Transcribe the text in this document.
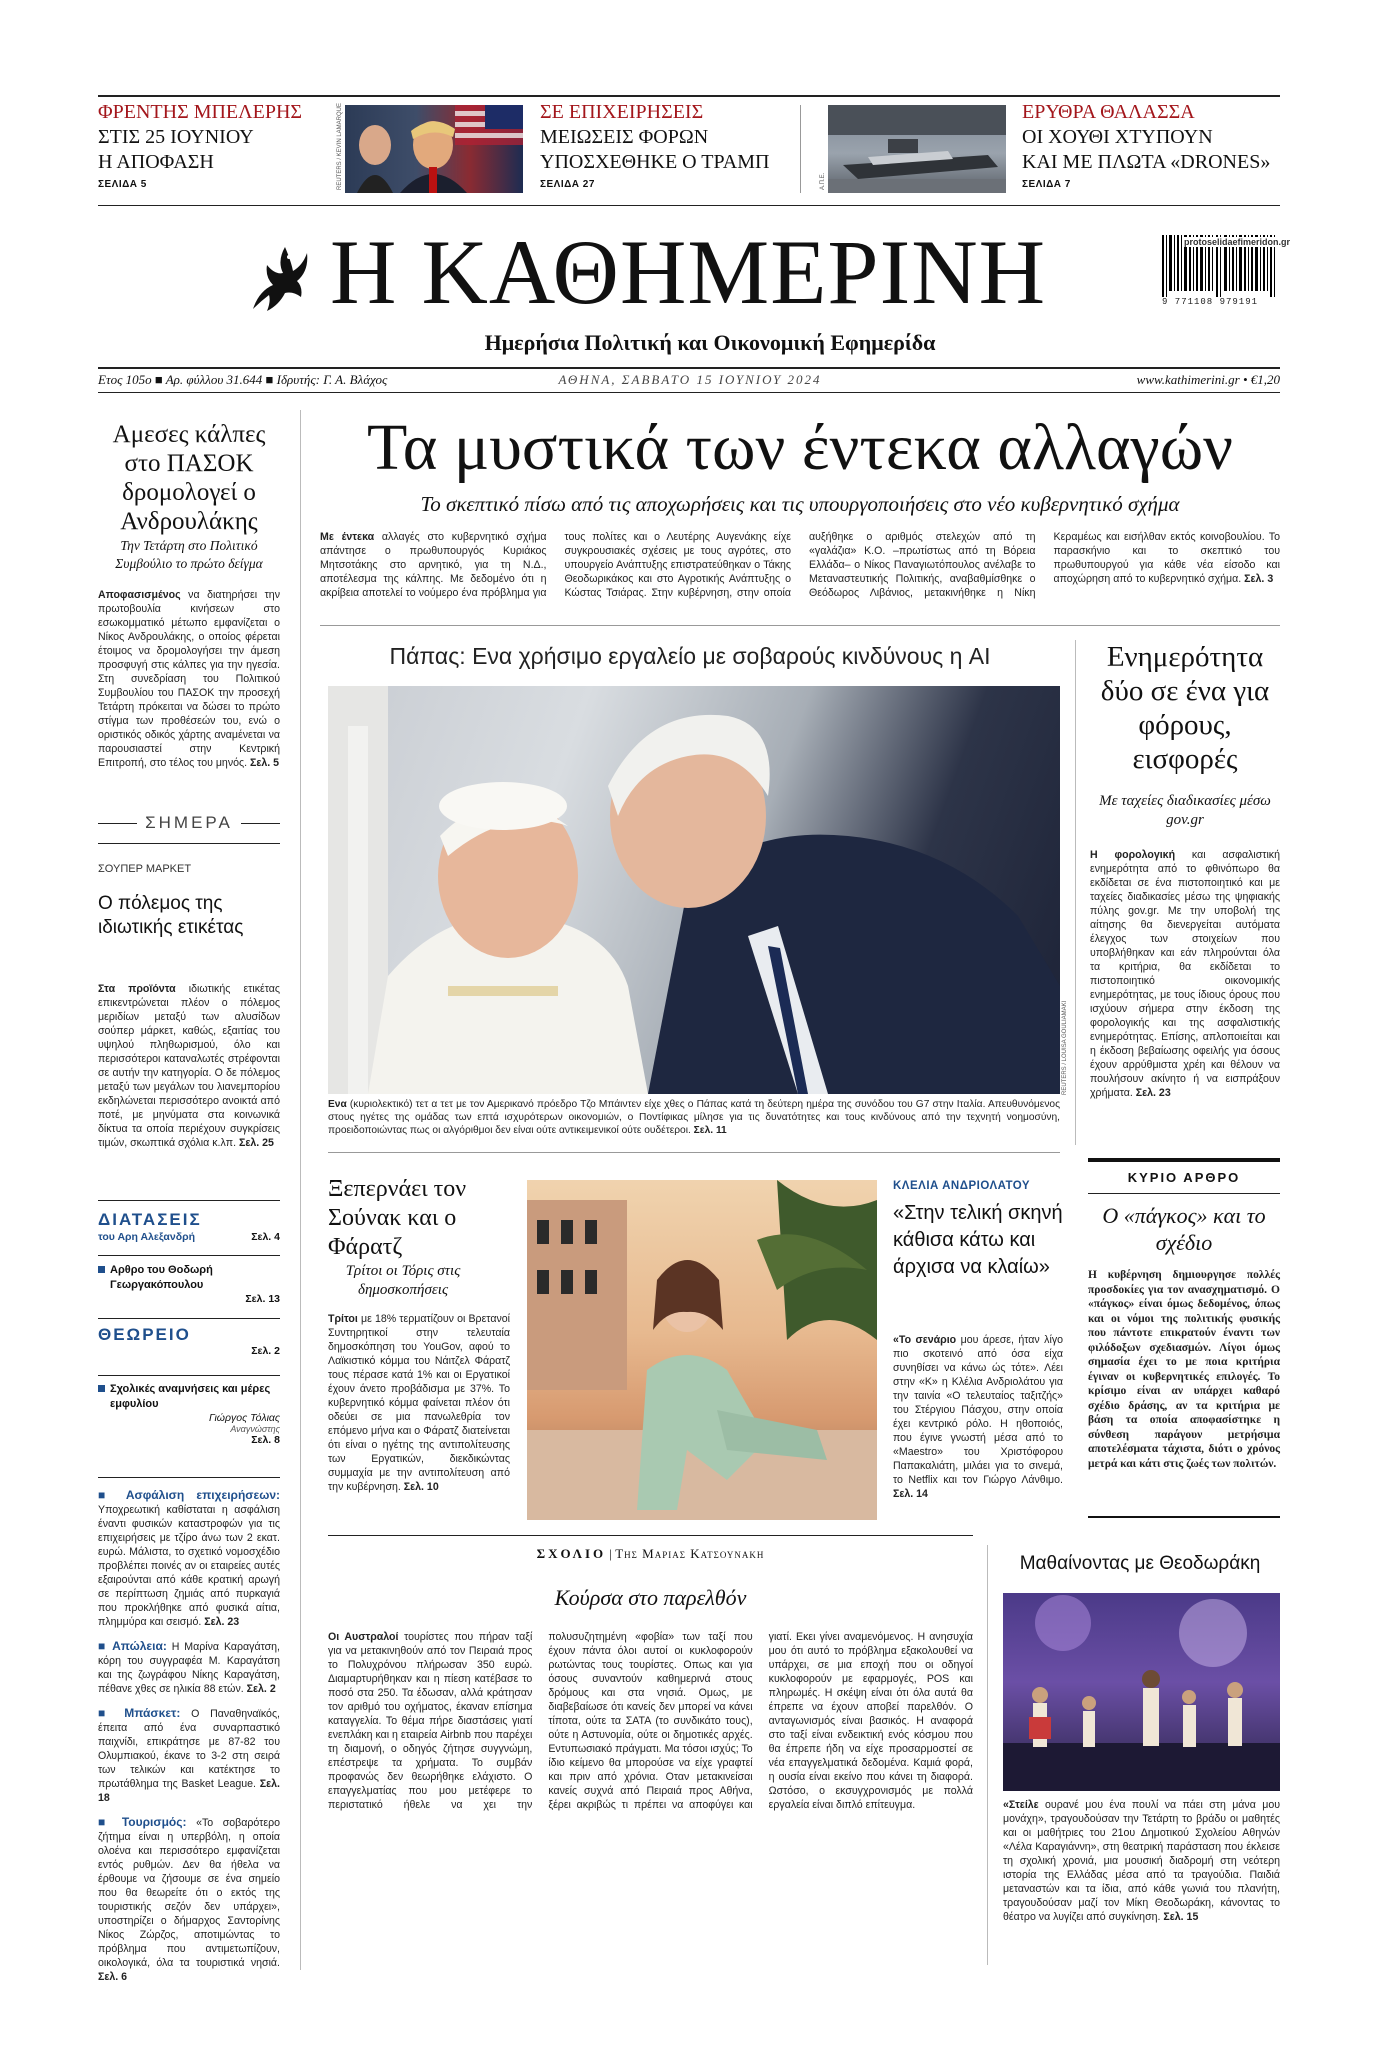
ΦΡΕΝΤΗΣ ΜΠΕΛΕΡΗΣ
ΣΤΙΣ 25 ΙΟΥΝΙΟΥ
Η ΑΠΟΦΑΣΗ
ΣΕΛΙΔΑ 5	REUTERS / KEVIN LAMARQUE	ΣΕ ΕΠΙΧΕΙΡΗΣΕΙΣ
ΜΕΙΩΣΕΙΣ ΦΟΡΩΝ
ΥΠΟΣΧΕΘΗΚΕ Ο ΤΡΑΜΠ
ΣΕΛΙΔΑ 27	Α.Π.Ε.
ΕΡΥΘΡΑ ΘΑΛΑΣΣΑ
ΟΙ ΧΟΥΘΙ ΧΤΥΠΟΥΝ
ΚΑΙ ΜΕ ΠΛΩΤΑ «DRONES»
ΣΕΛΙΔΑ 7
Η ΚΑΘΗΜΕΡΙΝΗ
Ημερήσια Πολιτική και Οικονομική Εφημερίδα
protoselidaefimeridon.gr
9 771108 979191
Ετος 105ο ■ Αρ. φύλλου 31.644 ■ Ιδρυτής: Γ. Α. Βλάχος	ΑΘΗΝΑ, ΣΑΒΒΑΤΟ 15 ΙΟΥΝΙΟΥ 2024	www.kathimerini.gr • €1,20
Αμεσες κάλπες στο ΠΑΣΟΚ δρομολογεί ο Ανδρουλάκης
Την Τετάρτη στο Πολιτικό Συμβούλιο το πρώτο δείγμα
Αποφασισμένος να διατηρήσει την πρωτοβουλία κινήσεων στο εσωκομματικό μέτωπο εμφανίζεται ο Νίκος Ανδρουλάκης, ο οποίος φέρεται έτοιμος να δρομολογήσει την άμεση προσφυγή στις κάλπες για την ηγεσία. Στη συνεδρίαση του Πολιτικού Συμβουλίου του ΠΑΣΟΚ την προσεχή Τετάρτη πρόκειται να δώσει το πρώτο στίγμα των προθέσεών του, ενώ ο οριστικός οδικός χάρτης αναμένεται να παρουσιαστεί στην Κεντρική Επιτροπή, στο τέλος του μηνός. Σελ. 5
ΣΗΜΕΡΑ
ΣΟΥΠΕΡ ΜΑΡΚΕΤ
Ο πόλεμος της ιδιωτικής ετικέτας
Στα προϊόντα ιδιωτικής ετικέτας επικεντρώνεται πλέον ο πόλεμος μεριδίων μεταξύ των αλυσίδων σούπερ μάρκετ, καθώς, εξαιτίας του υψηλού πληθωρισμού, όλο και περισσότεροι καταναλωτές στρέφονται σε αυτήν την κατηγορία. Ο δε πόλεμος μεταξύ των μεγάλων του λιανεμπορίου εκδηλώνεται περισσότερο ανοικτά από ποτέ, με μηνύματα στα κοινωνικά δίκτυα τα οποία περιέχουν συγκρίσεις τιμών, σκωπτικά σχόλια κ.λπ. Σελ. 25
ΔΙΑΤΑΣΕΙΣ
του Αρη Αλεξανδρή	Σελ. 4
Αρθρο του Θοδωρή Γεωργακόπουλου
Σελ. 13
ΘΕΩΡΕΙΟ
Σελ. 2
Σχολικές αναμνήσεις και μέρες εμφυλίου
Γιώργος Τόλιας
Αναγνώστης
Σελ. 8
■ Ασφάλιση επιχειρήσεων: Υποχρεωτική καθίσταται η ασφάλιση έναντι φυσικών καταστροφών για τις επιχειρήσεις με τζίρο άνω των 2 εκατ. ευρώ. Μάλιστα, το σχετικό νομοσχέδιο προβλέπει ποινές αν οι εταιρείες αυτές εξαιρούνται από κάθε κρατική αρωγή σε περίπτωση ζημιάς από πυρκαγιά που προκλήθηκε από φυσικά αίτια, πλημμύρα και σεισμό. Σελ. 23
■ Απώλεια: Η Μαρίνα Καραγάτση, κόρη του συγγραφέα Μ. Καραγάτση και της ζωγράφου Νίκης Καραγάτση, πέθανε χθες σε ηλικία 88 ετών. Σελ. 2
■ Μπάσκετ: Ο Παναθηναϊκός, έπειτα από ένα συναρπαστικό παιχνίδι, επικράτησε με 87-82 του Ολυμπιακού, έκανε το 3-2 στη σειρά των τελικών και κατέκτησε το πρωτάθλημα της Basket League. Σελ. 18
■ Τουρισμός: «Το σοβαρότερο ζήτημα είναι η υπερβόλη, η οποία ολοένα και περισσότερο εμφανίζεται εντός ρυθμών. Δεν θα ήθελα να έρθουμε να ζήσουμε σε ένα σημείο που θα θεωρείτε ότι ο εκτός της τουριστικής σεζόν δεν υπάρχει», υποστηρίζει ο δήμαρχος Σαντορίνης Νίκος Ζώρζος, αποτιμώντας το πρόβλημα που αντιμετωπίζουν, οικολογικά, όλα τα τουριστικά νησιά. Σελ. 6
Τα μυστικά των έντεκα αλλαγών
Το σκεπτικό πίσω από τις αποχωρήσεις και τις υπουργοποιήσεις στο νέο κυβερνητικό σχήμα
Με έντεκα αλλαγές στο κυβερνητικό σχήμα απάντησε ο πρωθυπουργός Κυριάκος Μητσοτάκης στο αρνητικό, για τη Ν.Δ., αποτέλεσμα της κάλπης. Με δεδομένο ότι η ακρίβεια αποτελεί το νούμερο ένα πρόβλημα για τους πολίτες και ο Λευτέρης Αυγενάκης είχε συγκρουσιακές σχέσεις με τους αγρότες, στο υπουργείο Ανάπτυξης επιστρατεύθηκαν ο Τάκης Θεοδωρικάκος και στο Αγροτικής Ανάπτυξης ο Κώστας Τσιάρας. Στην κυβέρνηση, στην οποία αυξήθηκε ο αριθμός στελεχών από τη «γαλάζια» Κ.Ο. –πρωτίστως από τη Βόρεια Ελλάδα– ο Νίκος Παναγιωτόπουλος ανέλαβε το Μεταναστευτικής Πολιτικής, αναβαθμίσθηκε ο Θεόδωρος Λιβάνιος, μετακινήθηκε η Νίκη Κεραμέως και εισήλθαν εκτός κοινοβουλίου. Το παρασκήνιο και το σκεπτικό του πρωθυπουργού για κάθε νέα είσοδο και αποχώρηση από το κυβερνητικό σχήμα. Σελ. 3
Πάπας: Ενα χρήσιμο εργαλείο με σοβαρούς κινδύνους η AI
REUTERS / LOUISA GOULIAMAKI
Ενα (κυριολεκτικό) τετ α τετ με τον Αμερικανό πρόεδρο Τζο Μπάιντεν είχε χθες ο Πάπας κατά τη δεύτερη ημέρα της συνόδου του G7 στην Ιταλία. Απευθυνόμενος στους ηγέτες της ομάδας των επτά ισχυρότερων οικονομιών, ο Ποντίφικας μίλησε για τις δυνατότητες και τους κινδύνους από την τεχνητή νοημοσύνη, προειδοποιώντας πως οι αλγόριθμοι δεν είναι ούτε αντικειμενικοί ούτε ουδέτεροι. Σελ. 11
Ενημερότητα δύο σε ένα για φόρους, εισφορές
Με ταχείες διαδικασίες μέσω gov.gr
Η φορολογική και ασφαλιστική ενημερότητα από το φθινόπωρο θα εκδίδεται σε ένα πιστοποιητικό και με ταχείες διαδικασίες μέσω της ψηφιακής πύλης gov.gr. Με την υποβολή της αίτησης θα διενεργείται αυτόματα έλεγχος των στοιχείων που υποβλήθηκαν και εάν πληρούνται όλα τα κριτήρια, θα εκδίδεται το πιστοποιητικό οικονομικής ενημερότητας, με τους ίδιους όρους που ισχύουν σήμερα στην έκδοση της φορολογικής και της ασφαλιστικής ενημερότητας. Επίσης, απλοποιείται και η έκδοση βεβαίωσης οφειλής για όσους έχουν αρρύθμιστα χρέη και θέλουν να πουλήσουν ακίνητο ή να εισπράξουν χρήματα. Σελ. 23
Ξεπερνάει τον Σούνακ και ο Φάρατζ
Τρίτοι οι Τόρις στις δημοσκοπήσεις
Τρίτοι με 18% τερματίζουν οι Βρετανοί Συντηρητικοί στην τελευταία δημοσκόπηση του YouGov, αφού το Λαϊκιστικό κόμμα του Νάιτζελ Φάρατζ τους πέρασε κατά 1% και οι Εργατικοί έχουν άνετο προβάδισμα με 37%. Το κυβερνητικό κόμμα φαίνεται πλέον ότι οδεύει σε μια πανωλεθρία τον επόμενο μήνα και ο Φάρατζ διατείνεται ότι είναι ο ηγέτης της αντιπολίτευσης των Εργατικών, διεκδικώντας συμμαχία με την αντιπολίτευση από την κυβέρνηση. Σελ. 10
ΚΛΕΛΙΑ ΑΝΔΡΙΟΛΑΤΟΥ
«Στην τελική σκηνή κάθισα κάτω και άρχισα να κλαίω»
«Το σενάριο μου άρεσε, ήταν λίγο πιο σκοτεινό από όσα είχα συνηθίσει να κάνω ώς τότε». Λέει στην «Κ» η Κλέλια Ανδριολάτου για την ταινία «Ο τελευταίος ταξιτζής» του Στέργιου Πάσχου, στην οποία έχει κεντρικό ρόλο. Η ηθοποιός, που έγινε γνωστή μέσα από το «Maestro» του Χριστόφορου Παπακαλιάτη, μιλάει για το σινεμά, το Netflix και τον Γιώργο Λάνθιμο. Σελ. 14
ΚΥΡΙΟ ΑΡΘΡΟ
Ο «πάγκος» και το σχέδιο
Η κυβέρνηση δημιουργησε πολλές προσδοκίες για τον ανασχηματισμό. Ο «πάγκος» είναι όμως δεδομένος, όπως και οι νόμοι της πολιτικής φυσικής που πάντοτε επικρατούν έναντι των φιλόδοξων σχεδιασμών. Λίγοι όμως σημασία έχει το με ποια κριτήρια έγιναν οι κυβερνητικές επιλογές. Το κρίσιμο είναι αν υπάρχει καθαρό σχέδιο δράσης, αν τα κριτήρια με βάση τα οποία αποφασίστηκε η σύνθεση παράγουν μετρήσιμα αποτελέσματα τάχιστα, διότι ο χρόνος μετρά και κάτι στις ζωές των πολιτών.
ΣΧΟΛΙΟ | Της Μαριας Κατσουνακη
Κούρσα στο παρελθόν
Οι Αυστραλοί τουρίστες που πήραν ταξί για να μετακινηθούν από τον Πειραιά προς το Πολυχρόνου πλήρωσαν 350 ευρώ. Διαμαρτυρήθηκαν και η πίεση κατέβασε το ποσό στα 250. Τα έδωσαν, αλλά κράτησαν τον αριθμό του οχήματος, έκαναν επίσημα καταγγελία. Το θέμα πήρε διαστάσεις γιατί ενεπλάκη και η εταιρεία Airbnb που παρέχει τη διαμονή, ο οδηγός ζήτησε συγγνώμη, επέστρεψε τα χρήματα. Το συμβάν προφανώς δεν θεωρήθηκε ελάχιστο. Ο επαγγελματίας που μου μετέφερε το περιστατικό ήθελε να χει την πολυσυζητημένη «φοβία» των ταξί που έχουν πάντα όλοι αυτοί οι κυκλοφορούν ρωτώντας τους τουρίστες. Οπως και για όσους συναντούν καθημερινά στους δρόμους και στα νησιά. Ομως, με διαβεβαίωσε ότι κανείς δεν μπορεί να κάνει τίποτα, ούτε τα ΣΑΤΑ (το συνδικάτο τους), ούτε η Αστυνομία, ούτε οι δημοτικές αρχές. Εντυπωσιακό πράγματι. Μα τόσοι ισχύς; Το ίδιο κείμενο θα μπορούσε να είχε γραφτεί και πριν από χρόνια. Οταν μετακινείσαι κανείς συχνά από Πειραιά προς Αθήνα, ξέρει ακριβώς τι πρέπει να αποφύγει και γιατί. Εκει γίνει αναμενόμενος. Η ανησυχία μου ότι αυτό το πρόβλημα εξακολουθεί να υπάρχει, σε μια εποχή που οι οδηγοί κυκλοφορούν με εφαρμογές, POS και πληρωμές. Η σκέψη είναι ότι όλα αυτά θα έπρεπε να έχουν αποβεί παρελθόν. Ο ανταγωνισμός είναι βασικός. Η αναφορά στο ταξί είναι ενδεικτική ενός κόσμου που θα έπρεπε ήδη να είχε προσαρμοστεί σε νέα επαγγελματικά δεδομένα. Καμιά φορά, η ουσία είναι εκείνο που κάνει τη διαφορά. Ωστόσο, ο εκσυγχρονισμός με πολλά εργαλεία είναι διπλό επίτευγμα.
Μαθαίνοντας με Θεοδωράκη
«Στείλε ουρανέ μου ένα πουλί να πάει στη μάνα μου μονάχη», τραγουδούσαν την Τετάρτη το βράδυ οι μαθητές και οι μαθήτριες του 21ου Δημοτικού Σχολείου Αθηνών «Λέλα Καραγιάννη», στη θεατρική παράσταση που έκλεισε τη σχολική χρονιά, μια μουσική διαδρομή στη νεότερη ιστορία της Ελλάδας μέσα από τα τραγούδια. Παιδιά μεταναστών και τα ίδια, από κάθε γωνιά του πλανήτη, τραγουδούσαν μαζί τον Μίκη Θεοδωράκη, κάνοντας το θέατρο να λυγίζει από συγκίνηση. Σελ. 15
